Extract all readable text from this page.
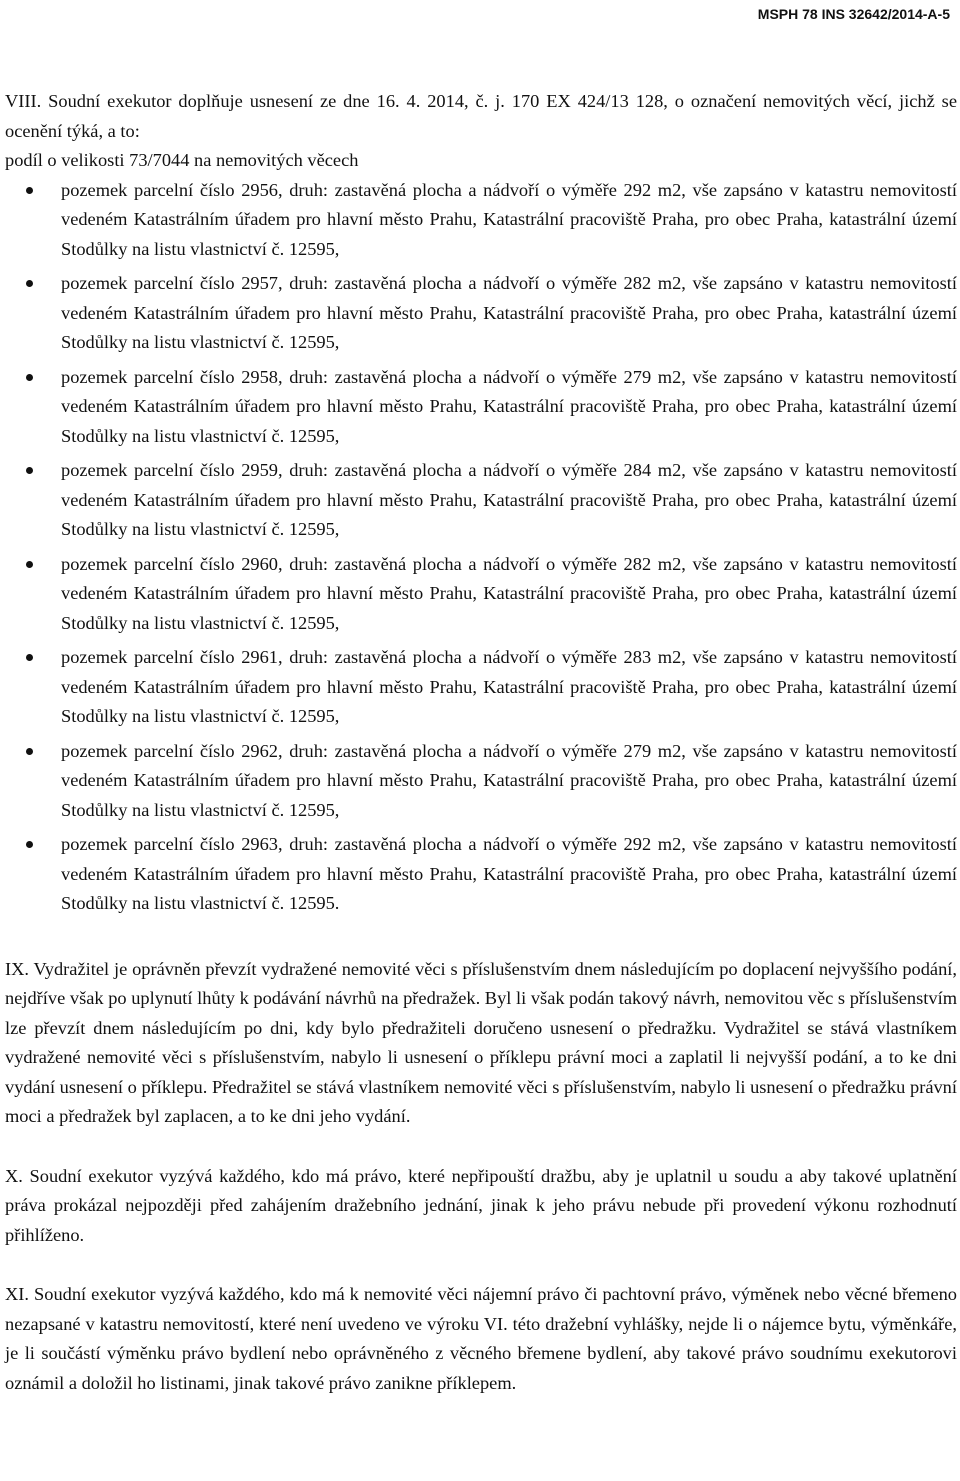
MSPH 78 INS 32642/2014-A-5

VIII. Soudní exekutor doplňuje usnesení ze dne 16. 4. 2014, č. j. 170 EX 424/13 128, o označení nemovitých věcí, jichž se ocenění týká, a to:

podíl o velikosti 73/7044 na nemovitých věcech

pozemek parcelní číslo 2956, druh: zastavěná plocha a nádvoří o výměře 292 m2, vše zapsáno v katastru nemovitostí vedeném Katastrálním úřadem pro hlavní město Prahu, Katastrální pracoviště Praha, pro obec Praha, katastrální území Stodůlky na listu vlastnictví č. 12595,
pozemek parcelní číslo 2957, druh: zastavěná plocha a nádvoří o výměře 282 m2, vše zapsáno v katastru nemovitostí vedeném Katastrálním úřadem pro hlavní město Prahu, Katastrální pracoviště Praha, pro obec Praha, katastrální území Stodůlky na listu vlastnictví č. 12595,
pozemek parcelní číslo 2958, druh: zastavěná plocha a nádvoří o výměře 279 m2, vše zapsáno v katastru nemovitostí vedeném Katastrálním úřadem pro hlavní město Prahu, Katastrální pracoviště Praha, pro obec Praha, katastrální území Stodůlky na listu vlastnictví č. 12595,
pozemek parcelní číslo 2959, druh: zastavěná plocha a nádvoří o výměře 284 m2, vše zapsáno v katastru nemovitostí vedeném Katastrálním úřadem pro hlavní město Prahu, Katastrální pracoviště Praha, pro obec Praha, katastrální území Stodůlky na listu vlastnictví č. 12595,
pozemek parcelní číslo 2960, druh: zastavěná plocha a nádvoří o výměře 282 m2, vše zapsáno v katastru nemovitostí vedeném Katastrálním úřadem pro hlavní město Prahu, Katastrální pracoviště Praha, pro obec Praha, katastrální území Stodůlky na listu vlastnictví č. 12595,
pozemek parcelní číslo 2961, druh: zastavěná plocha a nádvoří o výměře 283 m2, vše zapsáno v katastru nemovitostí vedeném Katastrálním úřadem pro hlavní město Prahu, Katastrální pracoviště Praha, pro obec Praha, katastrální území Stodůlky na listu vlastnictví č. 12595,
pozemek parcelní číslo 2962, druh: zastavěná plocha a nádvoří o výměře 279 m2, vše zapsáno v katastru nemovitostí vedeném Katastrálním úřadem pro hlavní město Prahu, Katastrální pracoviště Praha, pro obec Praha, katastrální území Stodůlky na listu vlastnictví č. 12595,
pozemek parcelní číslo 2963, druh: zastavěná plocha a nádvoří o výměře 292 m2, vše zapsáno v katastru nemovitostí vedeném Katastrálním úřadem pro hlavní město Prahu, Katastrální pracoviště Praha, pro obec Praha, katastrální území Stodůlky na listu vlastnictví č. 12595.

IX. Vydražitel je oprávněn převzít vydražené nemovité věci s příslušenstvím dnem následujícím po doplacení nejvyššího podání, nejdříve však po uplynutí lhůty k podávání návrhů na předražek. Byl li však podán takový návrh, nemovitou věc s příslušenstvím lze převzít dnem následujícím po dni, kdy bylo předražiteli doručeno usnesení o předražku. Vydražitel se stává vlastníkem vydražené nemovité věci s příslušenstvím, nabylo li usnesení o příklepu právní moci a zaplatil li nejvyšší podání, a to ke dni vydání usnesení o příklepu. Předražitel se stává vlastníkem nemovité věci s příslušenstvím, nabylo li usnesení o předražku právní moci a předražek byl zaplacen, a to ke dni jeho vydání.

X. Soudní exekutor vyzývá každého, kdo má právo, které nepřipouští dražbu, aby je uplatnil u soudu a aby takové uplatnění práva prokázal nejpozději před zahájením dražebního jednání, jinak k jeho právu nebude při provedení výkonu rozhodnutí přihlíženo.

XI. Soudní exekutor vyzývá každého, kdo má k nemovité věci nájemní právo či pachtovní právo, výměnek nebo věcné břemeno nezapsané v katastru nemovitostí, které není uvedeno ve výroku VI. této dražební vyhlášky, nejde li o nájemce bytu, výměnkáře, je li součástí výměnku právo bydlení nebo oprávněného z věcného břemene bydlení, aby takové právo soudnímu exekutorovi oznámil a doložil ho listinami, jinak takové právo zanikne příklepem.
